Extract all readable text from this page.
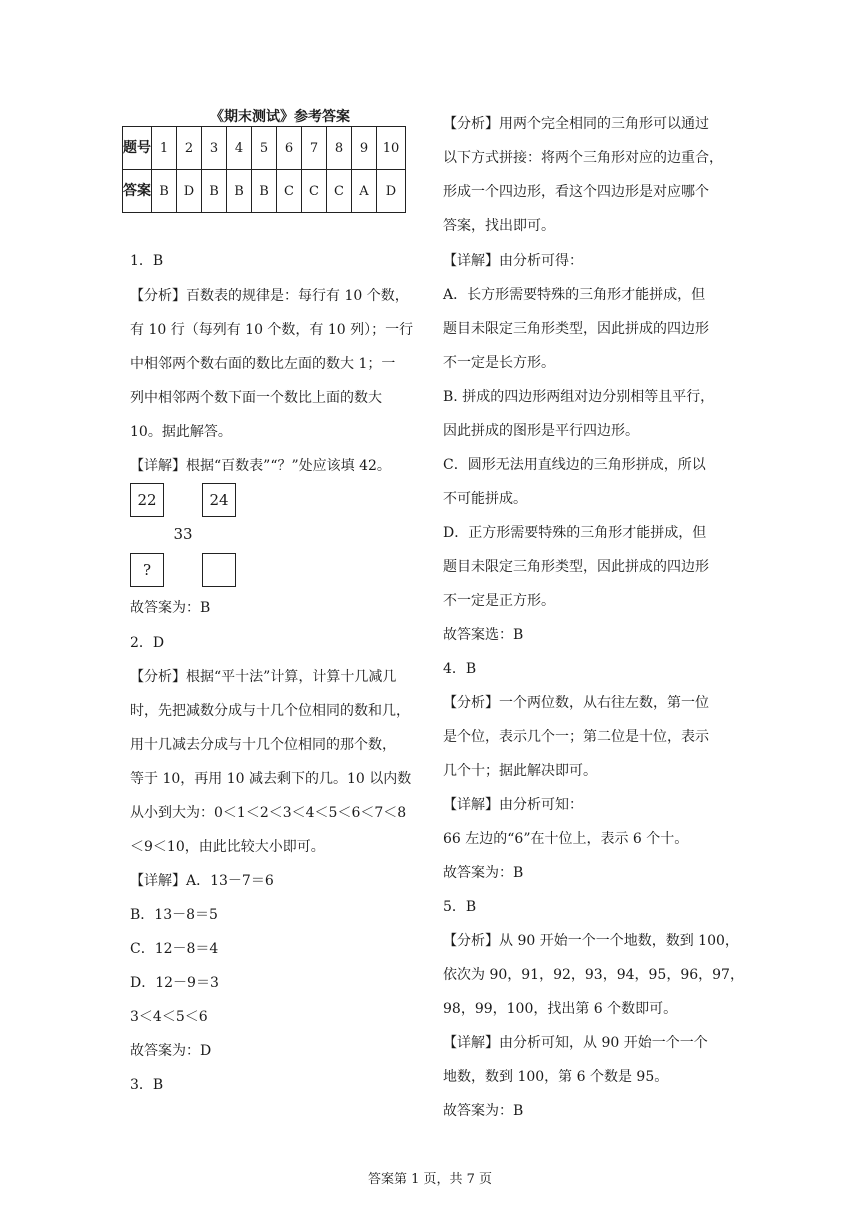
《期末测试》参考答案
题号	1	2	3	4	5	6	7	8	9	10
答案	B	D	B	B	B	C	C	C	A	D
1．B
【分析】百数表的规律是：每行有 10 个数，
有 10 行（每列有 10 个数，有 10 列）；一行
中相邻两个数右面的数比左面的数大 1；一
列中相邻两个数下面一个数比上面的数大
10。据此解答。
【详解】根据“百数表”“？”处应该填 42。
22	24
33
?
故答案为：B
2．D
【分析】根据“平十法”计算，计算十几减几
时，先把减数分成与十几个位相同的数和几，
用十几减去分成与十几个位相同的那个数，
等于 10，再用 10 减去剩下的几。10 以内数
从小到大为：0＜1＜2＜3＜4＜5＜6＜7＜8
＜9＜10，由此比较大小即可。
【详解】A．13－7＝6
B．13－8＝5
C．12－8＝4
D．12－9＝3
3＜4＜5＜6
故答案为：D
3．B
【分析】用两个完全相同的三角形可以通过
以下方式拼接：将两个三角形对应的边重合，
形成一个四边形，看这个四边形是对应哪个
答案，找出即可。
【详解】由分析可得：
A．长方形需要特殊的三角形才能拼成，但
题目未限定三角形类型，因此拼成的四边形
不一定是长方形。
B. 拼成的四边形两组对边分别相等且平行，
因此拼成的图形是平行四边形。
C．圆形无法用直线边的三角形拼成，所以
不可能拼成。
D．正方形需要特殊的三角形才能拼成，但
题目未限定三角形类型，因此拼成的四边形
不一定是正方形。
故答案选：B
4．B
【分析】一个两位数，从右往左数，第一位
是个位，表示几个一；第二位是十位，表示
几个十；据此解决即可。
【详解】由分析可知：
66 左边的“6”在十位上，表示 6 个十。
故答案为：B
5．B
【分析】从 90 开始一个一个地数，数到 100，
依次为 90，91，92，93，94，95，96，97，
98，99，100，找出第 6 个数即可。
【详解】由分析可知，从 90 开始一个一个
地数，数到 100，第 6 个数是 95。
故答案为：B
答案第 1 页，共 7 页
